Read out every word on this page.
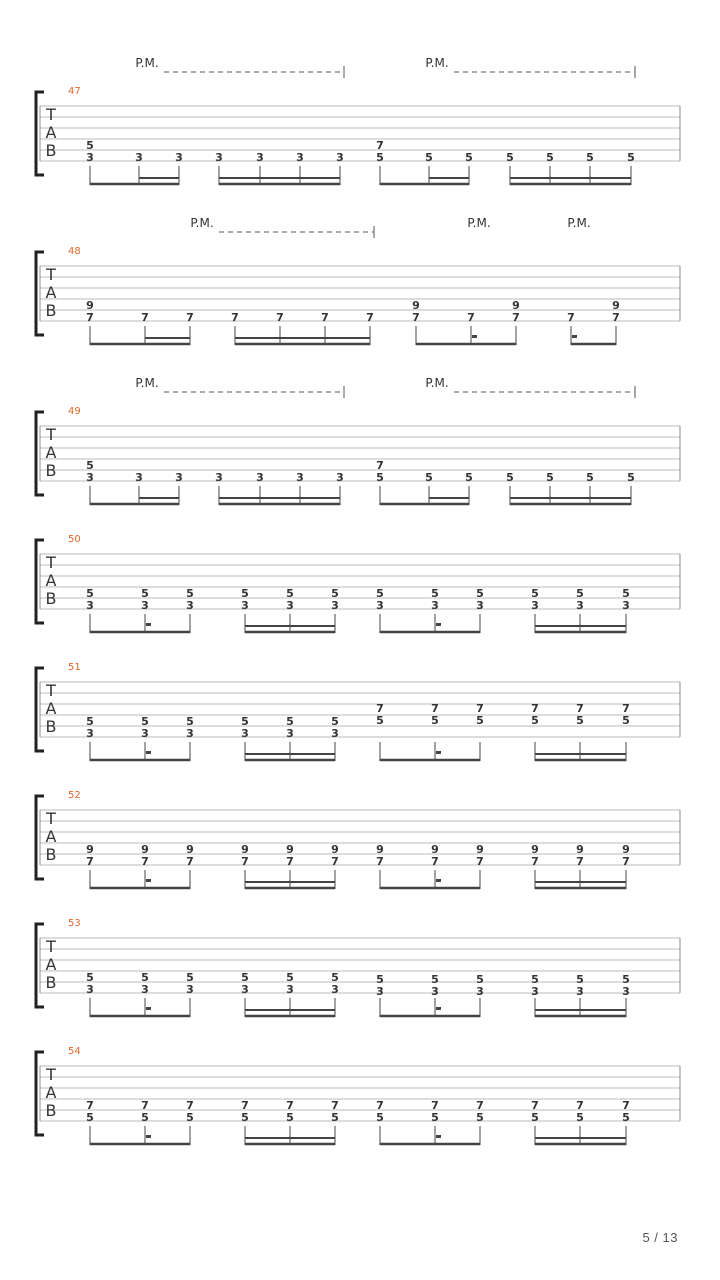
T
A
B
47
5
3	3	3	3	3	3	3
7
5	5	5	5	5	5	5
P.M.	P.M.
T
A
B
48
9
7	7	7	7	7	7	7
9
7	7
9
7	7
9
7
P.M.	P.M.	P.M.
T
A
B
49
5
3	3	3	3	3	3	3
7
5	5	5	5	5	5	5
P.M.	P.M.
T
A
B
50
5
3
5
3
5
3
5
3
5
3
5
3
5
3
5
3
5
3
5
3
5
3
5
3
T
A
B
51
5
3
5
3
5
3
5
3
5
3
5
3
7
5
7
5
7
5
7
5
7
5
7
5
T
A
B
52
9
7
9
7
9
7
9
7
9
7
9
7
9
7
9
7
9
7
9
7
9
7
9
7
T
A
B
53
5
3
5
3
5
3
5
3
5
3
5
3
5
3
5
3
5
3
5
3
5
3
5
3
T
A
B
54
7
5
7
5
7
5
7
5
7
5
7
5
7
5
7
5
7
5
7
5
7
5
7
5
5 / 13
